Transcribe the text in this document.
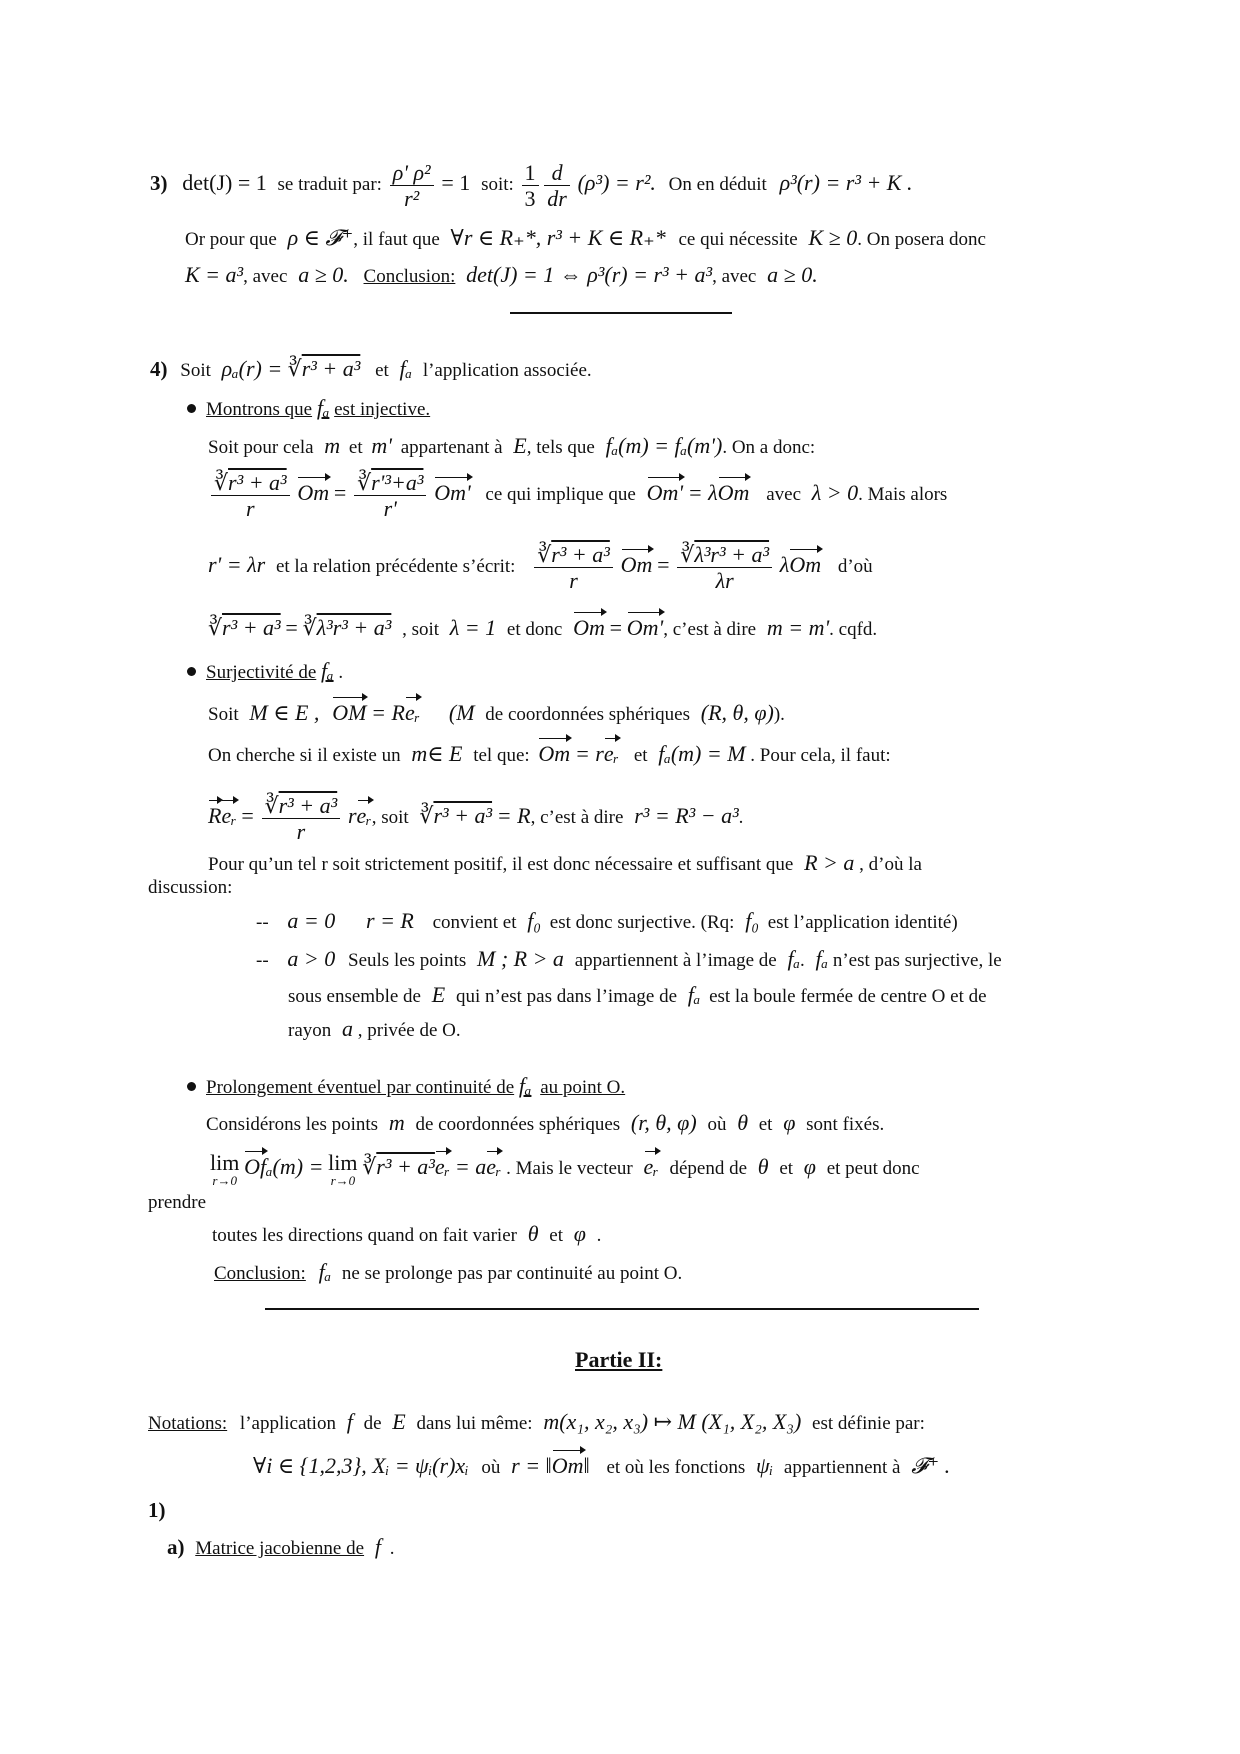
3) det(J) = 1 se traduit par: $\frac{\text{ρ' ρ²}}{\text{r²}} = 1$ soit: $\frac{1}{3}$
$\frac{d}{dr} (\rho^3) = r^2$. On en déduit ρ³(r) = r³ + K .
Or pour que ρ ∈ 𝓕⁺, il faut que ∀r ∈ R₊*, r³ + K ∈ R₊* ce qui nécessite K ≥ 0. On posera donc
K = a³, avec a ≥ 0. Conclusion: det(J) = 1 ⇔ ρ³(r) = r³ + a³, avec a ≥ 0.
4) Soit ρₐ(r) = ∛r³ + a³ et fₐ l’application associée.
Montrons que fₐ est injective.
Soit pour cela m et m' appartenant à E, tels que fₐ(m) = fₐ(m'). On a donc:
$\frac{\text{∛r³ + a³}}{r}$ $Om = \frac{\text{∛r'³+a³}}{r'} Om'$ ce qui implique que Om' = λOm avec λ > 0. Mais alors
r' = λr et la relation précédente s’écrit: $\frac{\text{∛r³ + a³}}{r}$ $Om = \frac{\text{∛λ³r³ + a³}}{\lambda r}$ λOm d’où
∛r³ + a³ = ∛λ³r³ + a³ , soit λ = 1 et donc Om = Om', c’est à dire m = m'. cqfd.
Surjectivité de fₐ .
Soit M ∈ E , OM = Reᵣ (M de coordonnées sphériques (R, θ, φ)).
On cherche si il existe un m∈ E tel que: Om = reᵣ et fₐ(m) = M . Pour cela, il faut:
Reᵣ = $\frac{\text{∛r³ + a³}}{r}$ reᵣ, soit ∛r³ + a³ = R, c’est à dire r³ = R³ − a³.
Pour qu’un tel r soit strictement positif, il est donc nécessaire et suffisant que R > a , d’où la
discussion:
-- a = 0 r = R convient et f₀ est donc surjective. (Rq: f₀ est l’application identité)
-- a > 0 Seuls les points M ; R > a appartiennent à l’image de fₐ. fₐ n’est pas surjective, le
sous ensemble de E qui n’est pas dans l’image de fₐ est la boule fermée de centre O et de
rayon a , privée de O.
Prolongement éventuel par continuité de fₐ au point O.
Considérons les points m de coordonnées sphériques (r, θ, φ) où θ et φ sont fixés.
lim
r→0
Ofₐ(m) = lim
r→0
∛r³ + a³eᵣ = aeᵣ . Mais le vecteur eᵣ dépend de θ et φ et peut donc
prendre
toutes les directions quand on fait varier θ et φ .
Conclusion: fₐ ne se prolonge pas par continuité au point O.
Partie II:
Notations: l’application f de E dans lui même: m(x₁, x₂, x₃) ↦ M (X₁, X₂, X₃) est définie par:
∀i ∈ {1,2,3}, Xᵢ = ψᵢ(r)xᵢ où r = ‖Om‖ et où les fonctions ψᵢ appartiennent à 𝓕⁺ .
1)
a) Matrice jacobienne de f .
